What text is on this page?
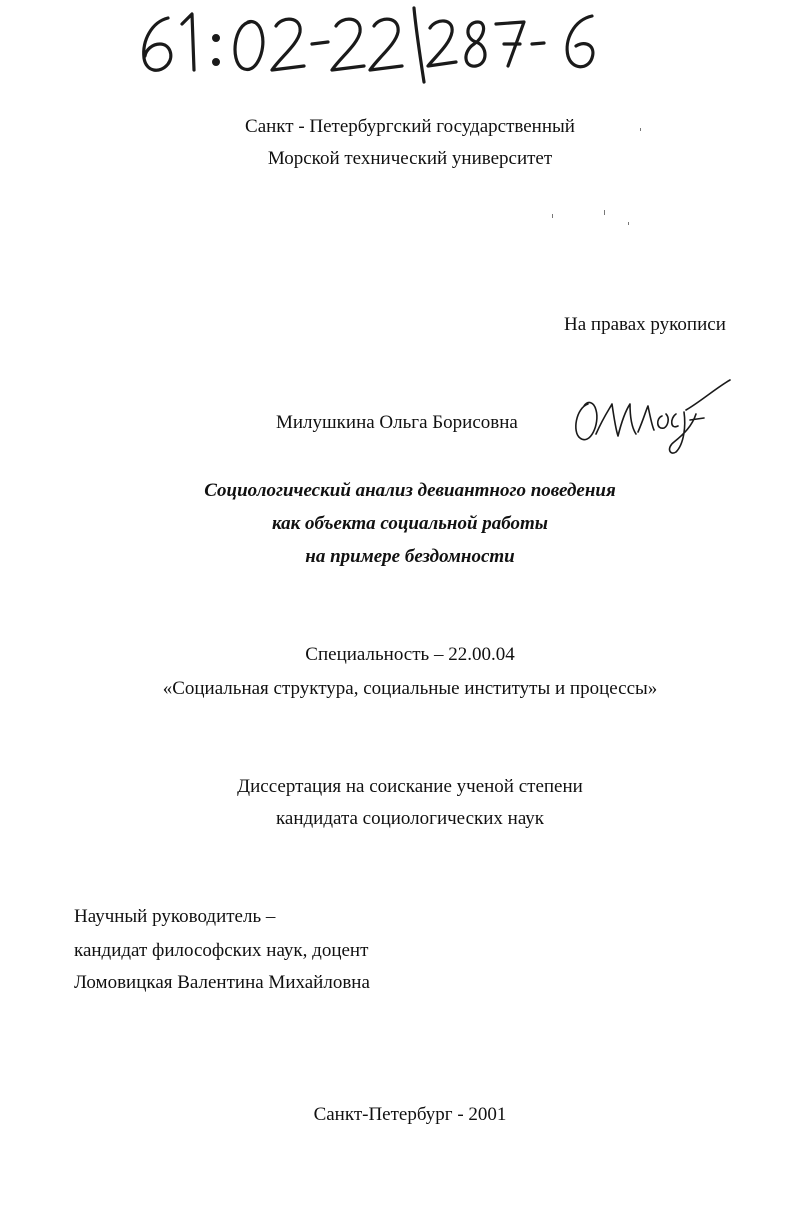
Санкт - Петербургский государственный
Морской технический университет
На правах рукописи
Милушкина Ольга Борисовна
Социологический анализ девиантного поведения
как объекта социальной работы
на примере бездомности
Специальность – 22.00.04
«Социальная структура, социальные институты и процессы»
Диссертация на соискание ученой степени
кандидата социологических наук
Научный руководитель –
кандидат философских наук, доцент
Ломовицкая Валентина Михайловна
Санкт-Петербург - 2001
